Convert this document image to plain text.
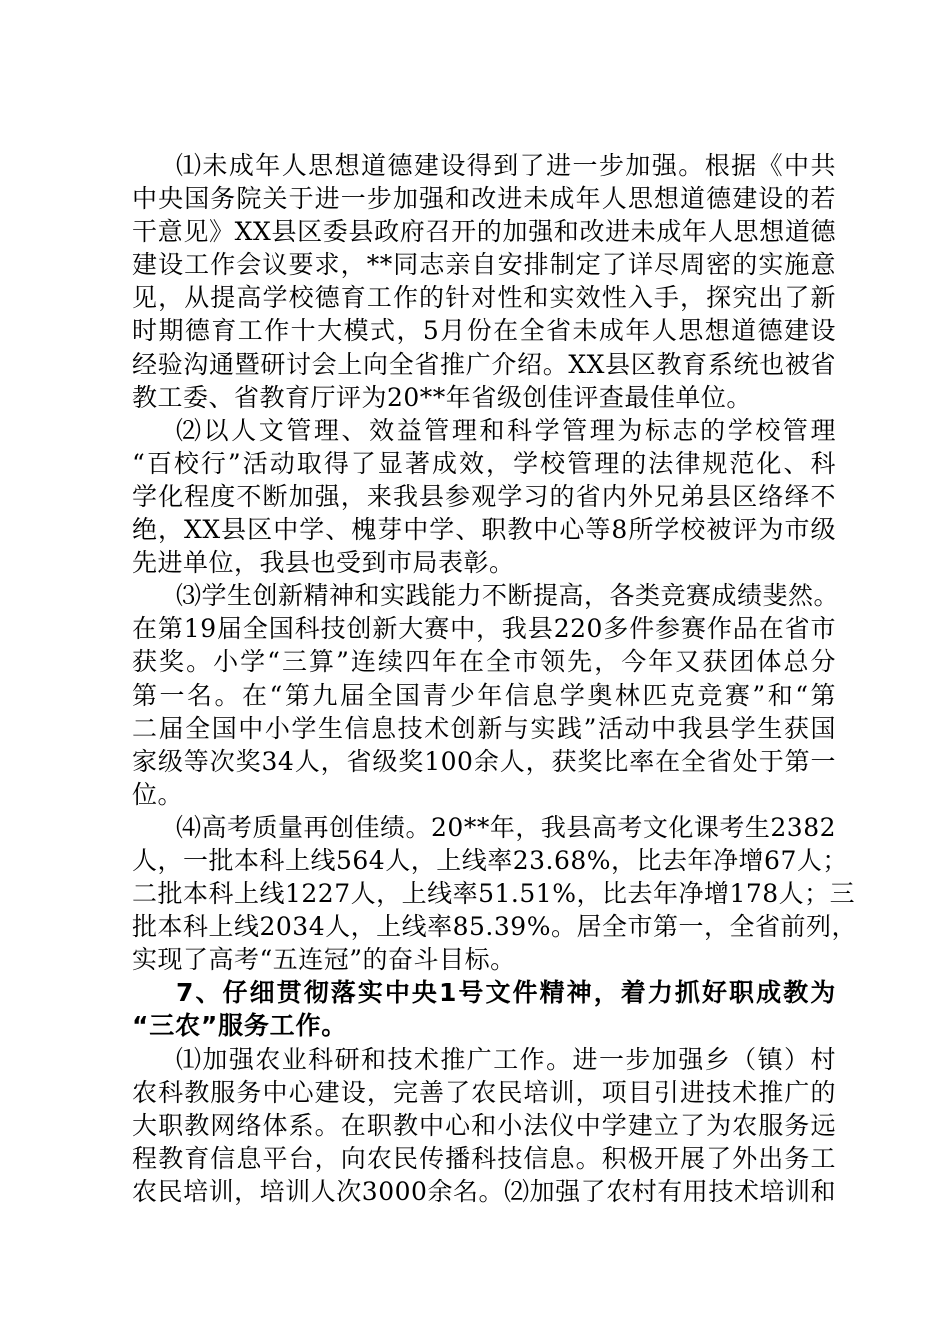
⑴未成年人思想道德建设得到了进一步加强。根据《中共
中央国务院关于进一步加强和改进未成年人思想道德建设的若
干意见》XX县区委县政府召开的加强和改进未成年人思想道德
建设工作会议要求，**同志亲自安排制定了详尽周密的实施意
见，从提高学校德育工作的针对性和实效性入手，探究出了新
时期德育工作十大模式，5月份在全省未成年人思想道德建设
经验沟通暨研讨会上向全省推广介绍。XX县区教育系统也被省
教工委、省教育厅评为20**年省级创佳评查最佳单位。
⑵以人文管理、效益管理和科学管理为标志的学校管理
“百校行”活动取得了显著成效，学校管理的法律规范化、科
学化程度不断加强，来我县参观学习的省内外兄弟县区络绎不
绝，XX县区中学、槐芽中学、职教中心等8所学校被评为市级
先进单位，我县也受到市局表彰。
⑶学生创新精神和实践能力不断提高，各类竞赛成绩斐然。
在第19届全国科技创新大赛中，我县220多件参赛作品在省市
获奖。小学“三算”连续四年在全市领先，今年又获团体总分
第一名。在“第九届全国青少年信息学奥林匹克竞赛”和“第
二届全国中小学生信息技术创新与实践”活动中我县学生获国
家级等次奖34人，省级奖100余人，获奖比率在全省处于第一
位。
⑷高考质量再创佳绩。20**年，我县高考文化课考生2382
人，一批本科上线564人，上线率23.68%，比去年净增67人；
二批本科上线1227人，上线率51.51%，比去年净增178人；三
批本科上线2034人，上线率85.39%。居全市第一，全省前列，
实现了高考“五连冠”的奋斗目标。
7、仔细贯彻落实中央1号文件精神，着力抓好职成教为
“三农”服务工作。
⑴加强农业科研和技术推广工作。进一步加强乡（镇）村
农科教服务中心建设，完善了农民培训，项目引进技术推广的
大职教网络体系。在职教中心和小法仪中学建立了为农服务远
程教育信息平台，向农民传播科技信息。积极开展了外出务工
农民培训，培训人次3000余名。⑵加强了农村有用技术培训和
